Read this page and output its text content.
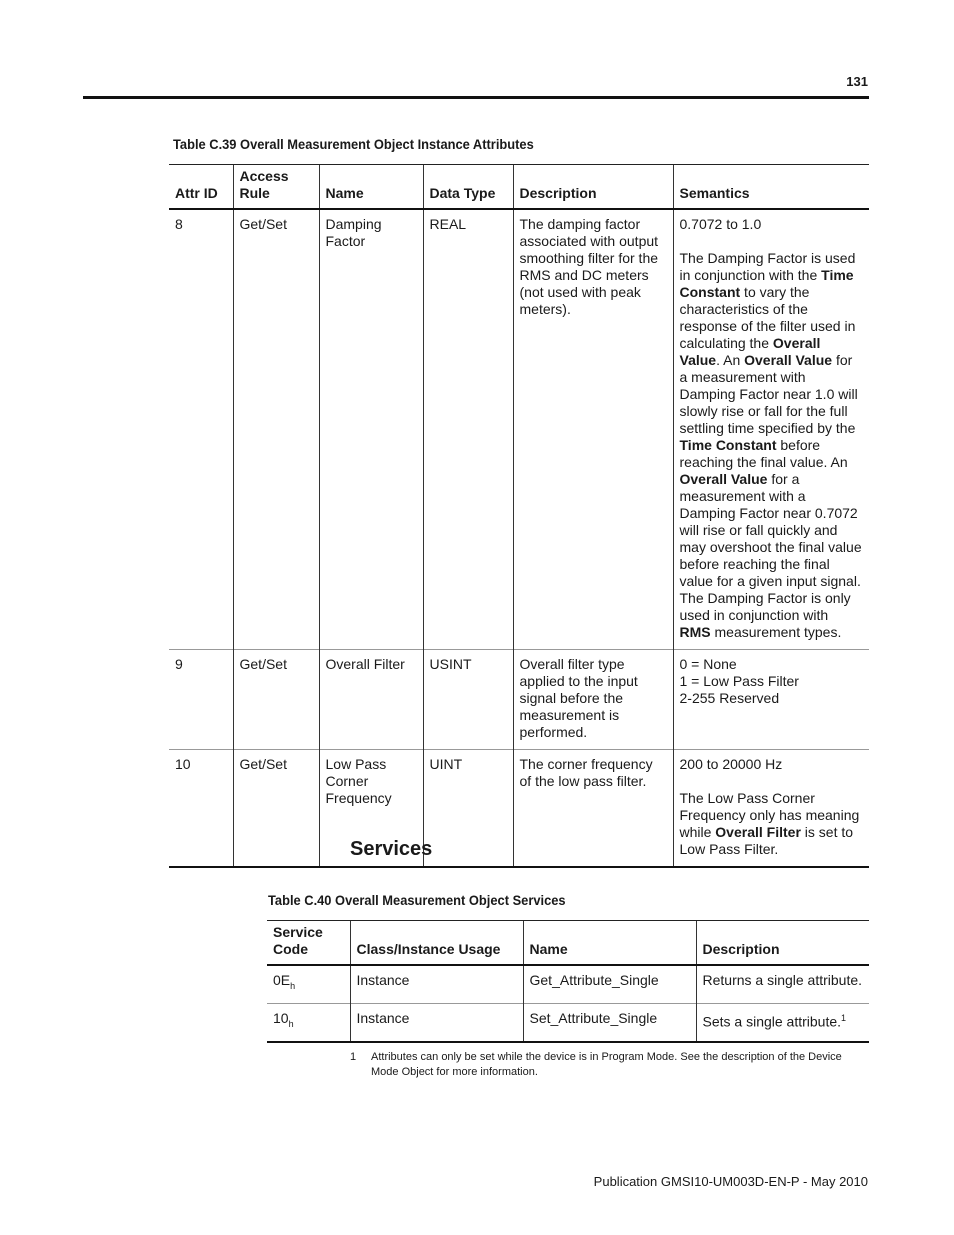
131
Table C.39 Overall Measurement Object Instance Attributes
Attr ID	Access Rule	Name	Data Type	Description	Semantics
8	Get/Set	Damping Factor	REAL	The damping factor associated with output smoothing filter for the RMS and DC meters (not used with peak meters).	0.7072 to 1.0

The Damping Factor is used in conjunction with the Time Constant to vary the characteristics of the response of the filter used in calculating the Overall Value. An Overall Value for a measurement with Damping Factor near 1.0 will slowly rise or fall for the full settling time specified by the Time Constant before reaching the final value. An Overall Value for a measurement with a Damping Factor near 0.7072 will rise or fall quickly and may overshoot the final value before reaching the final value for a given input signal.

The Damping Factor is only used in conjunction with RMS measurement types.

9	Get/Set	Overall Filter	USINT	Overall filter type applied to the input signal before the measurement is performed.	0 = None
1 = Low Pass Filter
2-255 Reserved

10	Get/Set	Low Pass Corner Frequency	UINT	The corner frequency of the low pass filter.	200 to 20000 Hz

The Low Pass Corner Frequency only has meaning while Overall Filter is set to Low Pass Filter.

Services
Table C.40 Overall Measurement Object Services
Service Code	Class/Instance Usage	Name	Description
$0E_h$	Instance	Get_Attribute_Single	Returns a single attribute.
$10_h$	Instance	Set_Attribute_Single	Sets a single attribute.$^1$
1 Attributes can only be set while the device is in Program Mode. See the description of the Device Mode Object for more information.
Publication GMSI10-UM003D-EN-P - May 2010
